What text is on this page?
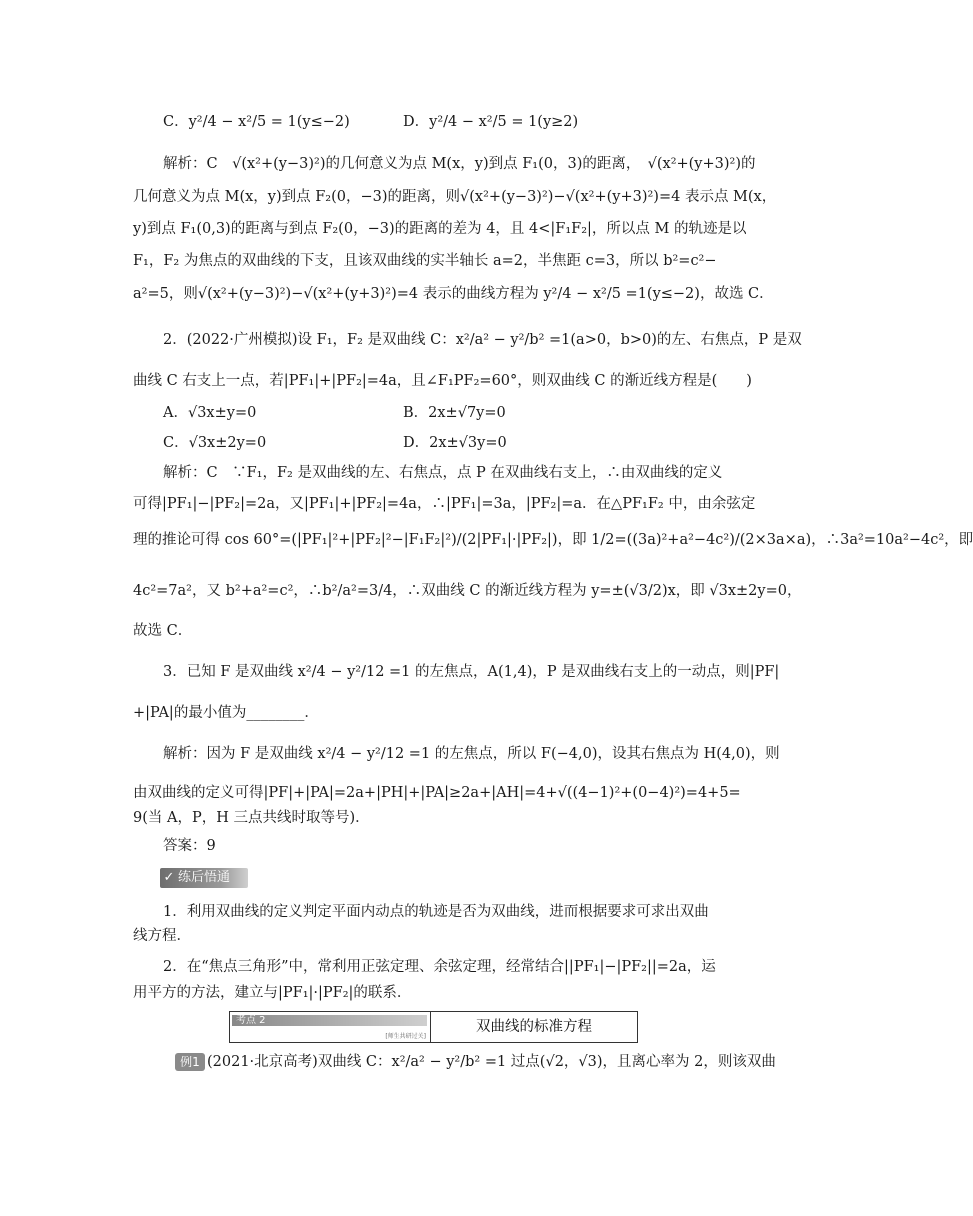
C．y²/4 − x²/5 = 1(y≤−2)	D．y²/4 − x²/5 = 1(y≥2)
解析：C　√(x²+(y−3)²)的几何意义为点 M(x，y)到点 F₁(0，3)的距离，　√(x²+(y+3)²)的
几何意义为点 M(x，y)到点 F₂(0，−3)的距离，则√(x²+(y−3)²)−√(x²+(y+3)²)=4 表示点 M(x，
y)到点 F₁(0,3)的距离与到点 F₂(0，−3)的距离的差为 4，且 4<|F₁F₂|，所以点 M 的轨迹是以
F₁，F₂ 为焦点的双曲线的下支，且该双曲线的实半轴长 a=2，半焦距 c=3，所以 b²=c²−
a²=5，则√(x²+(y−3)²)−√(x²+(y+3)²)=4 表示的曲线方程为 y²/4 − x²/5 =1(y≤−2)，故选 C．
2．(2022·广州模拟)设 F₁，F₂ 是双曲线 C：x²/a² − y²/b² =1(a>0，b>0)的左、右焦点，P 是双
曲线 C 右支上一点，若|PF₁|+|PF₂|=4a，且∠F₁PF₂=60°，则双曲线 C 的渐近线方程是(　　)
A．√3x±y=0	B．2x±√7y=0
C．√3x±2y=0	D．2x±√3y=0
解析：C　∵F₁，F₂ 是双曲线的左、右焦点，点 P 在双曲线右支上，∴由双曲线的定义
可得|PF₁|−|PF₂|=2a，又|PF₁|+|PF₂|=4a，∴|PF₁|=3a，|PF₂|=a．在△PF₁F₂ 中，由余弦定
理的推论可得 cos 60°=(|PF₁|²+|PF₂|²−|F₁F₂|²)/(2|PF₁|·|PF₂|)，即 1/2=((3a)²+a²−4c²)/(2×3a×a)，∴3a²=10a²−4c²，即
4c²=7a²，又 b²+a²=c²，∴b²/a²=3/4，∴双曲线 C 的渐近线方程为 y=±(√3/2)x，即 √3x±2y=0，
故选 C．
3．已知 F 是双曲线 x²/4 − y²/12 =1 的左焦点，A(1,4)，P 是双曲线右支上的一动点，则|PF|
+|PA|的最小值为________．
解析：因为 F 是双曲线 x²/4 − y²/12 =1 的左焦点，所以 F(−4,0)，设其右焦点为 H(4,0)，则
由双曲线的定义可得|PF|+|PA|=2a+|PH|+|PA|≥2a+|AH|=4+√((4−1)²+(0−4)²)=4+5=
9(当 A，P，H 三点共线时取等号)．
答案：9
✓ 练后悟通
1．利用双曲线的定义判定平面内动点的轨迹是否为双曲线，进而根据要求可求出双曲
线方程．
2．在“焦点三角形”中，常利用正弦定理、余弦定理，经常结合||PF₁|−|PF₂||=2a，运
用平方的方法，建立与|PF₁|·|PF₂|的联系．
考点 2
[师生共研过关]
双曲线的标准方程
例1 (2021·北京高考)双曲线 C：x²/a² − y²/b² =1 过点(√2，√3)，且离心率为 2，则该双曲
